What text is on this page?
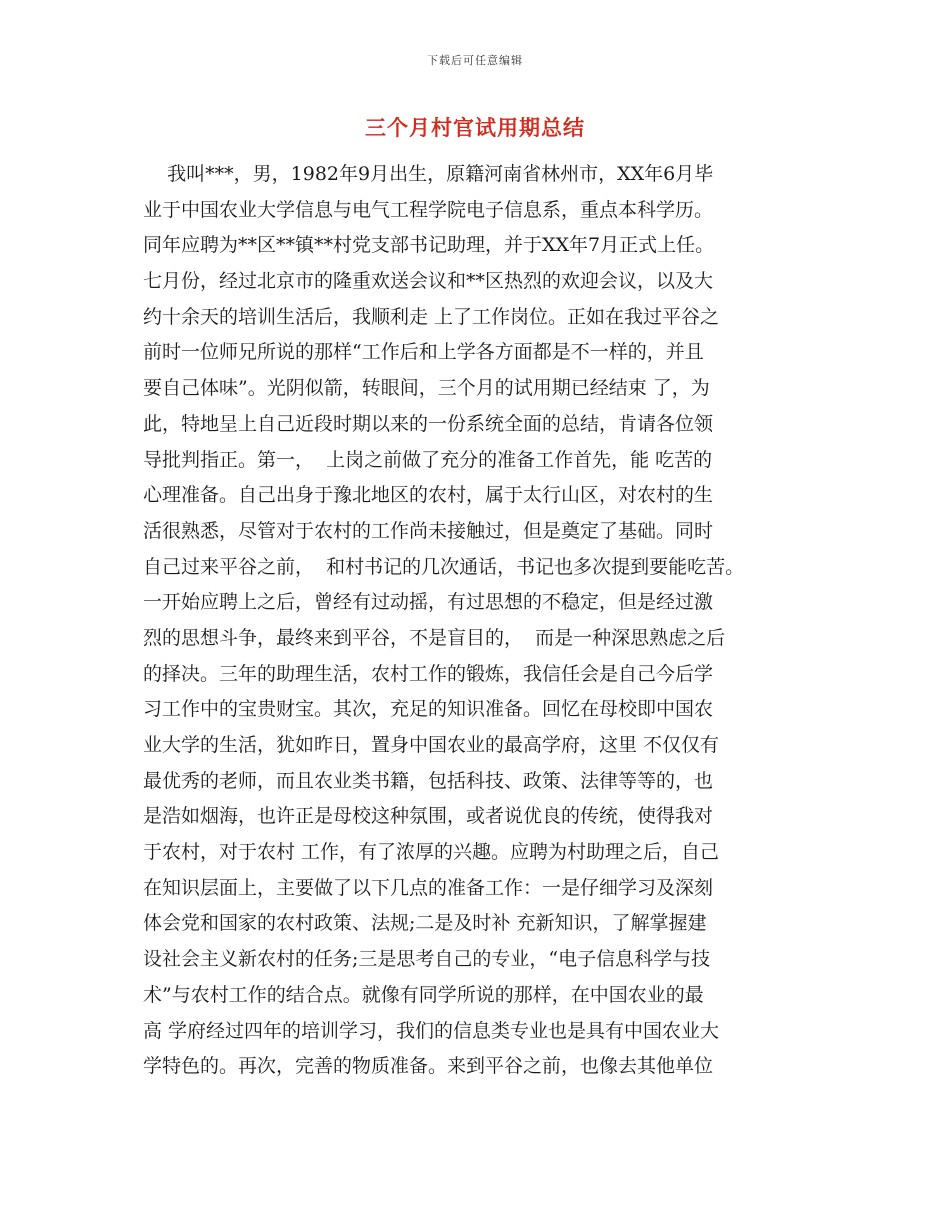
下载后可任意编辑
三个月村官试用期总结
我叫***，男，1982年9月出生，原籍河南省林州市，XX年6月毕
业于中国农业大学信息与电气工程学院电子信息系，重点本科学历。
同年应聘为**区**镇**村党支部书记助理，并于XX年7月正式上任。
七月份，经过北京市的隆重欢送会议和**区热烈的欢迎会议，以及大
约十余天的培训生活后，我顺利走 上了工作岗位。正如在我过平谷之
前时一位师兄所说的那样“工作后和上学各方面都是不一样的，并且
要自己体味”。光阴似箭，转眼间，三个月的试用期已经结束 了，为
此，特地呈上自己近段时期以来的一份系统全面的总结，肯请各位领
导批判指正。第一，  上岗之前做了充分的准备工作首先，能 吃苦的
心理准备。自己出身于豫北地区的农村，属于太行山区，对农村的生
活很熟悉，尽管对于农村的工作尚未接触过，但是奠定了基础。同时
自己过来平谷之前，  和村书记的几次通话，书记也多次提到要能吃苦。
一开始应聘上之后，曾经有过动摇，有过思想的不稳定，但是经过激
烈的思想斗争，最终来到平谷，不是盲目的，  而是一种深思熟虑之后
的择决。三年的助理生活，农村工作的锻炼，我信任会是自己今后学
习工作中的宝贵财宝。其次，充足的知识准备。回忆在母校即中国农
业大学的生活，犹如昨日，置身中国农业的最高学府，这里 不仅仅有
最优秀的老师，而且农业类书籍，包括科技、政策、法律等等的，也
是浩如烟海，也许正是母校这种氛围，或者说优良的传统，使得我对
于农村，对于农村 工作，有了浓厚的兴趣。应聘为村助理之后，自己
在知识层面上，主要做了以下几点的准备工作：一是仔细学习及深刻
体会党和国家的农村政策、法规;二是及时补 充新知识，了解掌握建
设社会主义新农村的任务;三是思考自己的专业，“电子信息科学与技
术”与农村工作的结合点。就像有同学所说的那样，在中国农业的最
高 学府经过四年的培训学习，我们的信息类专业也是具有中国农业大
学特色的。再次，完善的物质准备。来到平谷之前，也像去其他单位
